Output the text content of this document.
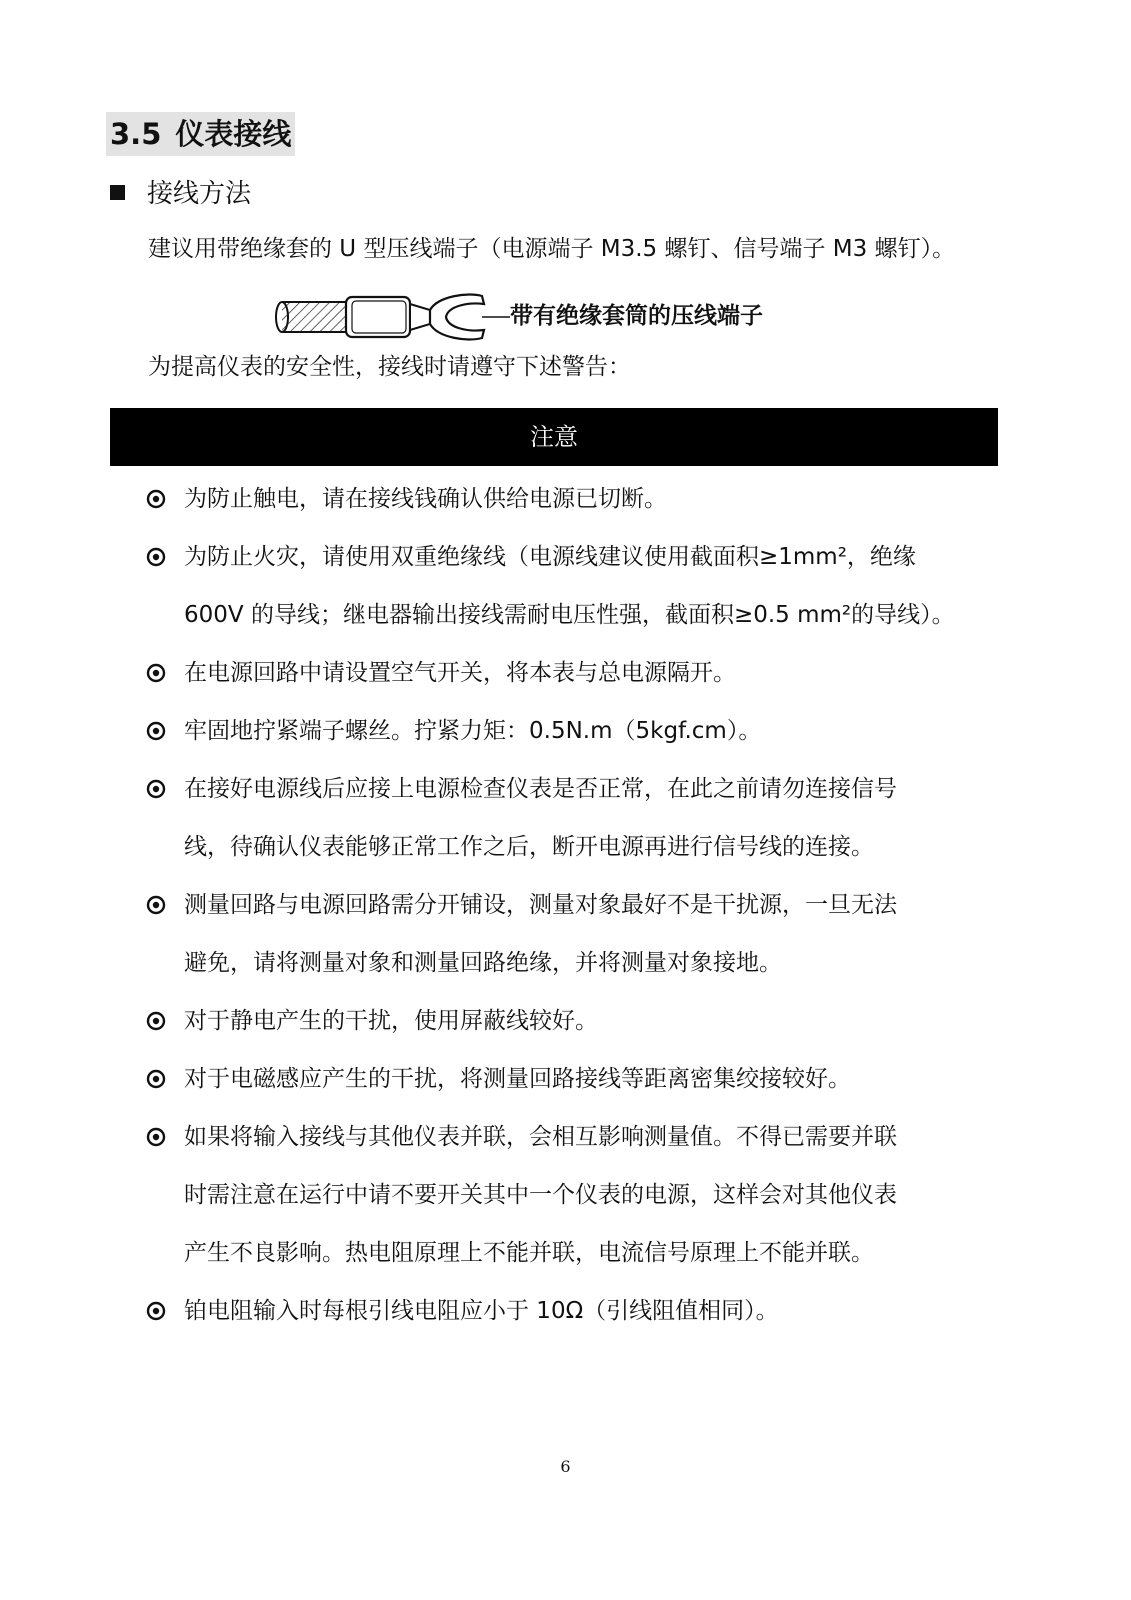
3.5 仪表接线
接线方法
建议用带绝缘套的 U 型压线端子（电源端子 M3.5 螺钉、信号端子 M3 螺钉）。
带有绝缘套筒的压线端子
为提高仪表的安全性，接线时请遵守下述警告：
注意
为防止触电，请在接线钱确认供给电源已切断。
为防止火灾，请使用双重绝缘线（电源线建议使用截面积≥1mm²，绝缘
600V 的导线；继电器输出接线需耐电压性强，截面积≥0.5 mm²的导线）。
在电源回路中请设置空气开关，将本表与总电源隔开。
牢固地拧紧端子螺丝。拧紧力矩：0.5N.m（5kgf.cm）。
在接好电源线后应接上电源检查仪表是否正常，在此之前请勿连接信号
线，待确认仪表能够正常工作之后，断开电源再进行信号线的连接。
测量回路与电源回路需分开铺设，测量对象最好不是干扰源，一旦无法
避免，请将测量对象和测量回路绝缘，并将测量对象接地。
对于静电产生的干扰，使用屏蔽线较好。
对于电磁感应产生的干扰，将测量回路接线等距离密集绞接较好。
如果将输入接线与其他仪表并联，会相互影响测量值。不得已需要并联
时需注意在运行中请不要开关其中一个仪表的电源，这样会对其他仪表
产生不良影响。热电阻原理上不能并联，电流信号原理上不能并联。
铂电阻输入时每根引线电阻应小于 10Ω（引线阻值相同）。
6
